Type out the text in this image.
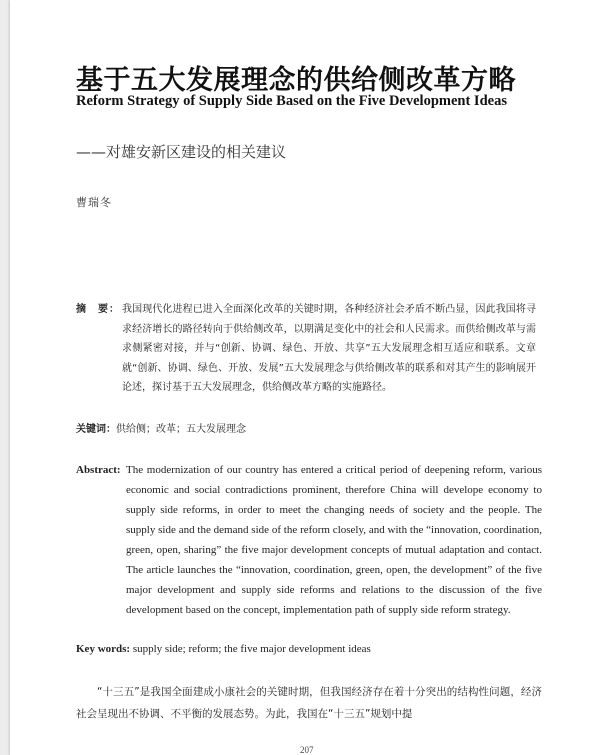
基于五大发展理念的供给侧改革方略
Reform Strategy of Supply Side Based on the Five Development Ideas
——对雄安新区建设的相关建议
曹瑞冬
摘　要： 我国现代化进程已进入全面深化改革的关键时期，各种经济社会矛盾不断凸显，因此我国将寻求经济增长的路径转向于供给侧改革，以期满足变化中的社会和人民需求。而供给侧改革与需求侧紧密对接，并与“创新、协调、绿色、开放、共享”五大发展理念相互适应和联系。文章就“创新、协调、绿色、开放、发展”五大发展理念与供给侧改革的联系和对其产生的影响展开论述，探讨基于五大发展理念，供给侧改革方略的实施路径。
关键词：供给侧；改革；五大发展理念
Abstract: The modernization of our country has entered a critical period of deepening reform, various economic and social contradictions prominent, therefore China will develope economy to supply side reforms, in order to meet the changing needs of society and the people. The supply side and the demand side of the reform closely, and with the “innovation, coordination, green, open, sharing” the five major development concepts of mutual adaptation and contact. The article launches the “innovation, coordination, green, open, the development” of the five major development and supply side reforms and relations to the discussion of the five development based on the concept, implementation path of supply side reform strategy.
Key words: supply side; reform; the five major development ideas
“十三五”是我国全面建成小康社会的关键时期，但我国经济存在着十分突出的结构性问题，经济社会呈现出不协调、不平衡的发展态势。为此，我国在“十三五”规划中提
207
